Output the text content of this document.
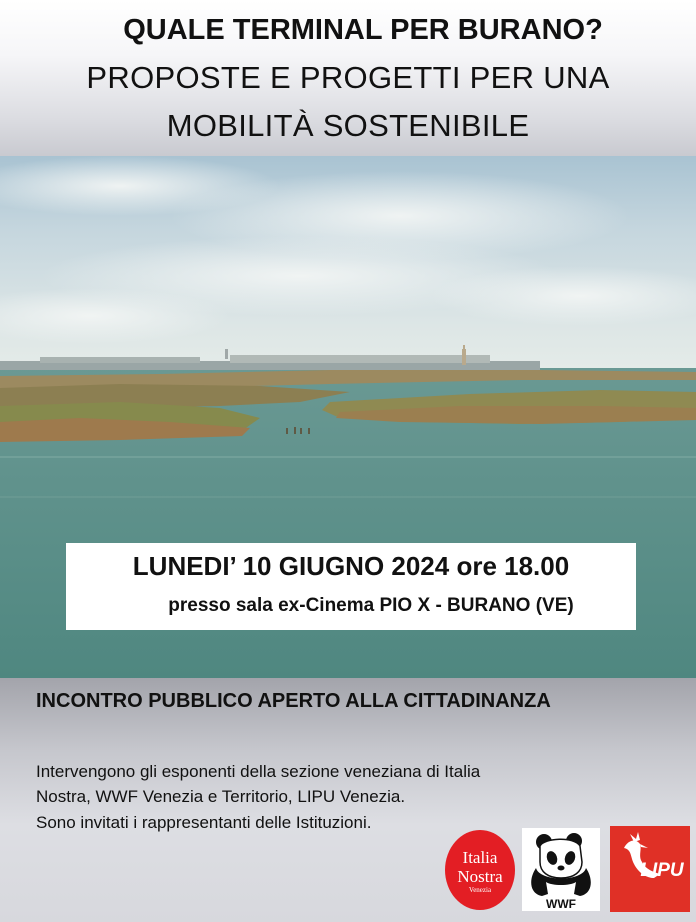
QUALE TERMINAL PER BURANO?
PROPOSTE E PROGETTI PER UNA
MOBILITÀ SOSTENIBILE
LUNEDI’ 10 GIUGNO 2024 ore 18.00
presso sala ex-Cinema PIO X - BURANO (VE)
INCONTRO PUBBLICO APERTO ALLA CITTADINANZA
Intervengono gli esponenti della sezione veneziana di Italia
Nostra, WWF Venezia e Territorio, LIPU Venezia.
Sono invitati i rappresentanti delle Istituzioni.
Italia
Nostra
Venezia
WWF
LIPU
